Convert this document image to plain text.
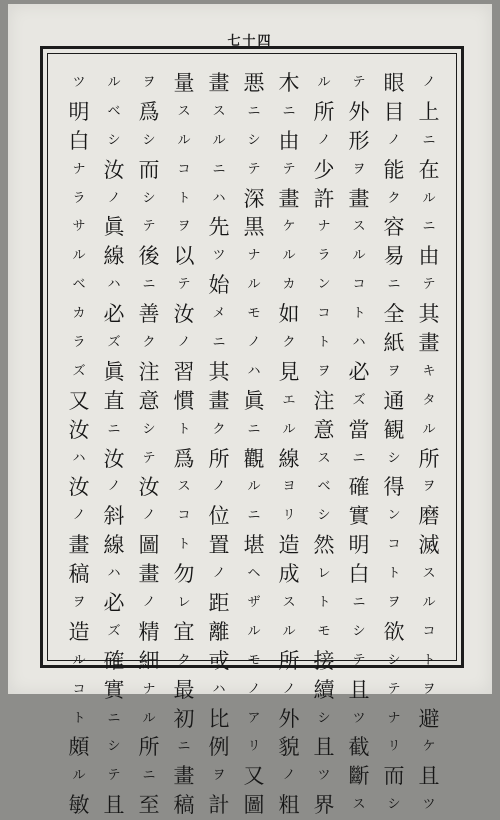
七十四
ノ
上
ニ
在
ル
ニ
由
テ
其
畫
キ
タ
ル
所
ヲ
磨
滅
ス
ル
コ
ト
ヲ
避
ケ
且
ツ
眼
目
ノ
能
ク
容
易
ニ
全
紙
ヲ
通
観
シ
得
ン
コ
ト
ヲ
欲
シ
テ
ナ
リ
而
シ
テ
外
形
ヲ
畫
ス
ル
コ
ト
ハ
必
ズ
當
ニ
確
實
明
白
ニ
シ
テ
且
ツ
截
斷
ス
ル
所
ノ
少
許
ナ
ラ
ン
コ
ト
ヲ
注
意
ス
ベ
シ
然
レ
ト
モ
接
續
シ
且
ツ
界
木
ニ
由
テ
畫
ケ
ル
カ
如
ク
見
エ
ル
線
ヨ
リ
造
成
ス
ル
所
ノ
外
貌
ノ
粗
悪
ニ
シ
テ
深
黒
ナ
ル
モ
ノ
ハ
眞
ニ
觀
ル
ニ
堪
ヘ
ザ
ル
モ
ノ
ア
リ
又
圖
畫
ス
ル
ニ
ハ
先
ツ
始
メ
ニ
其
畫
ク
所
ノ
位
置
ノ
距
離
或
ハ
比
例
ヲ
計
量
ス
ル
コ
ト
ヲ
以
テ
汝
ノ
習
慣
ト
爲
ス
コ
ト
勿
レ
宜
ク
最
初
ニ
畫
稿
ヲ
爲
シ
而
シ
テ
後
ニ
善
ク
注
意
シ
テ
汝
ノ
圖
畫
ノ
精
細
ナ
ル
所
ニ
至
ル
ベ
シ
汝
ノ
眞
線
ハ
必
ズ
眞
直
ニ
汝
ノ
斜
線
ハ
必
ズ
確
實
ニ
シ
テ
且
ツ
明
白
ナ
ラ
サ
ル
ベ
カ
ラ
ズ
又
汝
ハ
汝
ノ
畫
稿
ヲ
造
ル
コ
ト
頗
ル
敏
